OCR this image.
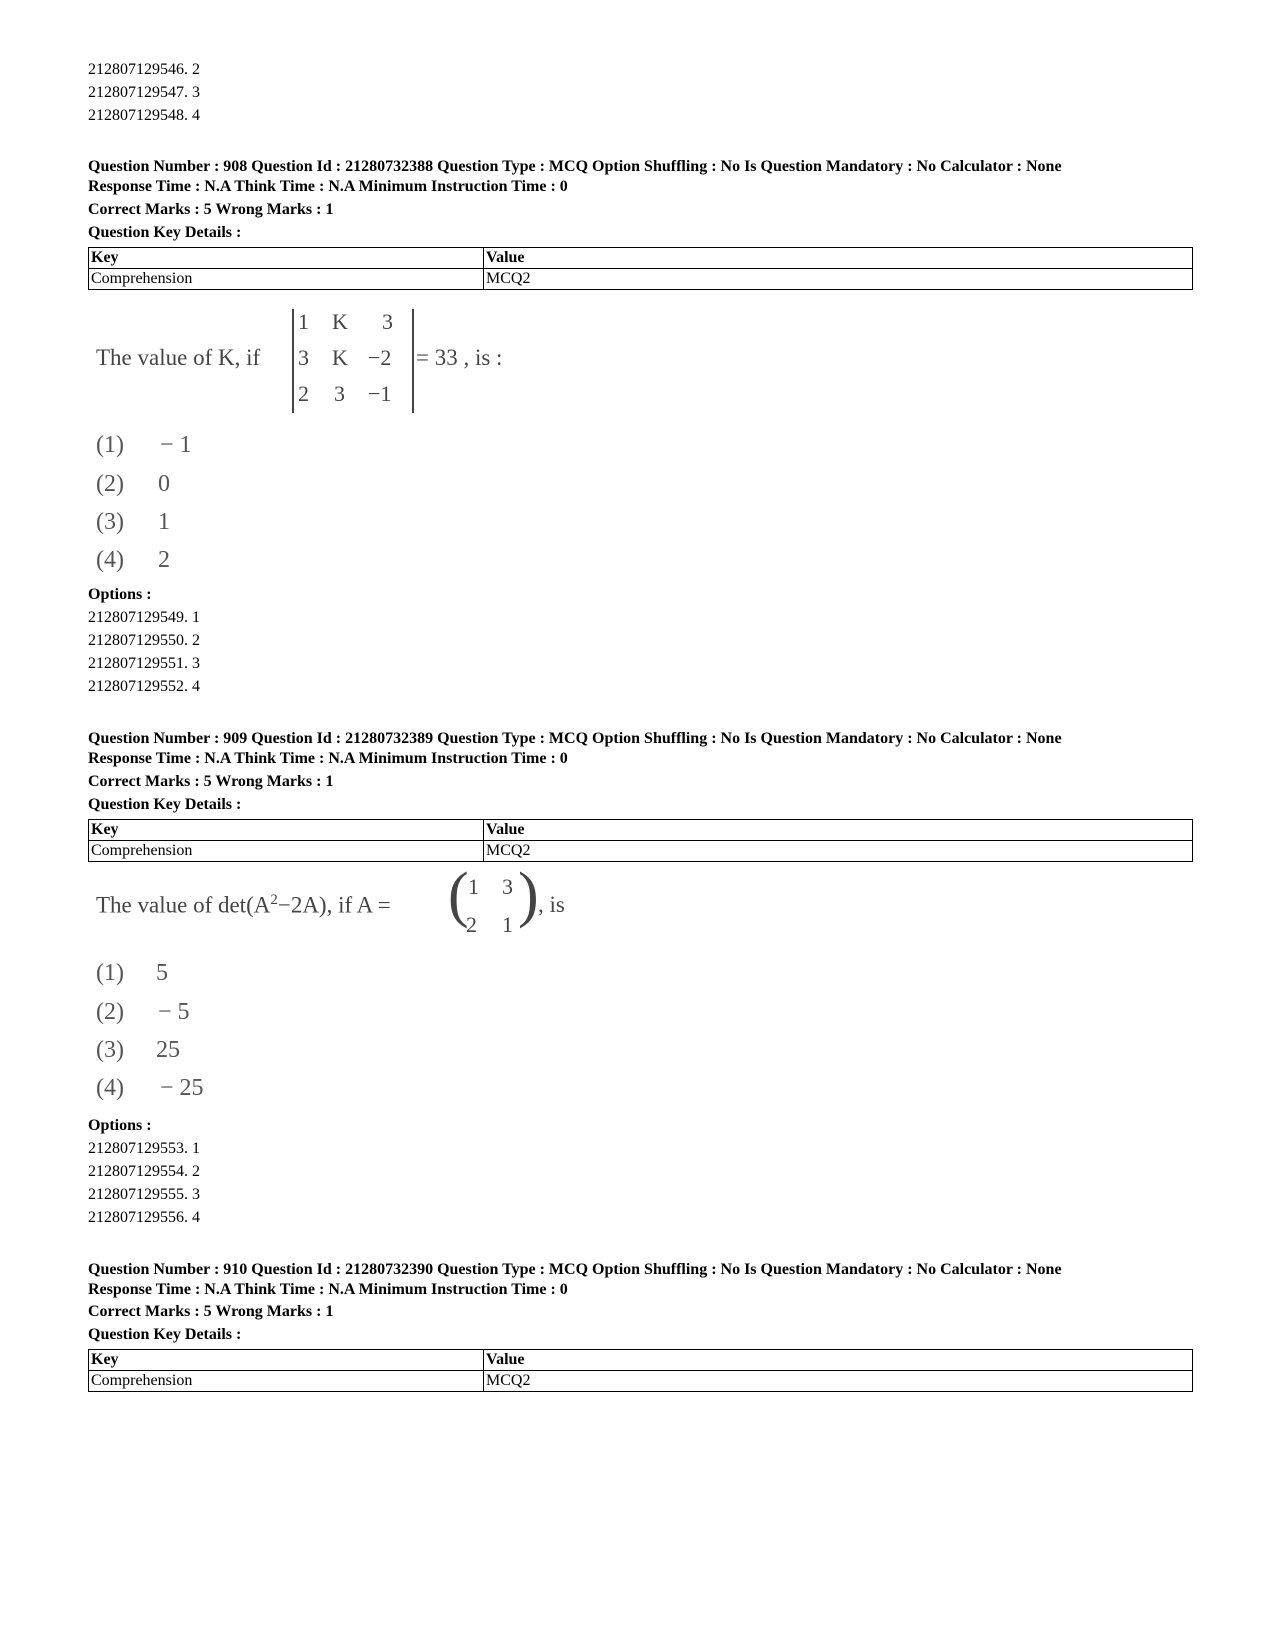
212807129546. 2
212807129547. 3
212807129548. 4
Question Number : 908 Question Id : 21280732388 Question Type : MCQ Option Shuffling : No Is Question Mandatory : No Calculator : None
Response Time : N.A Think Time : N.A Minimum Instruction Time : 0
Correct Marks : 5 Wrong Marks : 1
Question Key Details :
Key	Value
Comprehension	MCQ2
The value of K, if
1 K 3
3 K −2
2 3 −1
= 33 , is :
(1) − 1
(2) 0
(3) 1
(4) 2
Options :
212807129549. 1
212807129550. 2
212807129551. 3
212807129552. 4
Question Number : 909 Question Id : 21280732389 Question Type : MCQ Option Shuffling : No Is Question Mandatory : No Calculator : None
Response Time : N.A Think Time : N.A Minimum Instruction Time : 0
Correct Marks : 5 Wrong Marks : 1
Question Key Details :
Key	Value
Comprehension	MCQ2
The value of $\det(A^2-2A)$, if A = ( 1 3
2 1 ) , is
(1) 5
(2) − 5
(3) 25
(4) − 25
Options :
212807129553. 1
212807129554. 2
212807129555. 3
212807129556. 4
Question Number : 910 Question Id : 21280732390 Question Type : MCQ Option Shuffling : No Is Question Mandatory : No Calculator : None
Response Time : N.A Think Time : N.A Minimum Instruction Time : 0
Correct Marks : 5 Wrong Marks : 1
Question Key Details :
Key	Value
Comprehension	MCQ2
